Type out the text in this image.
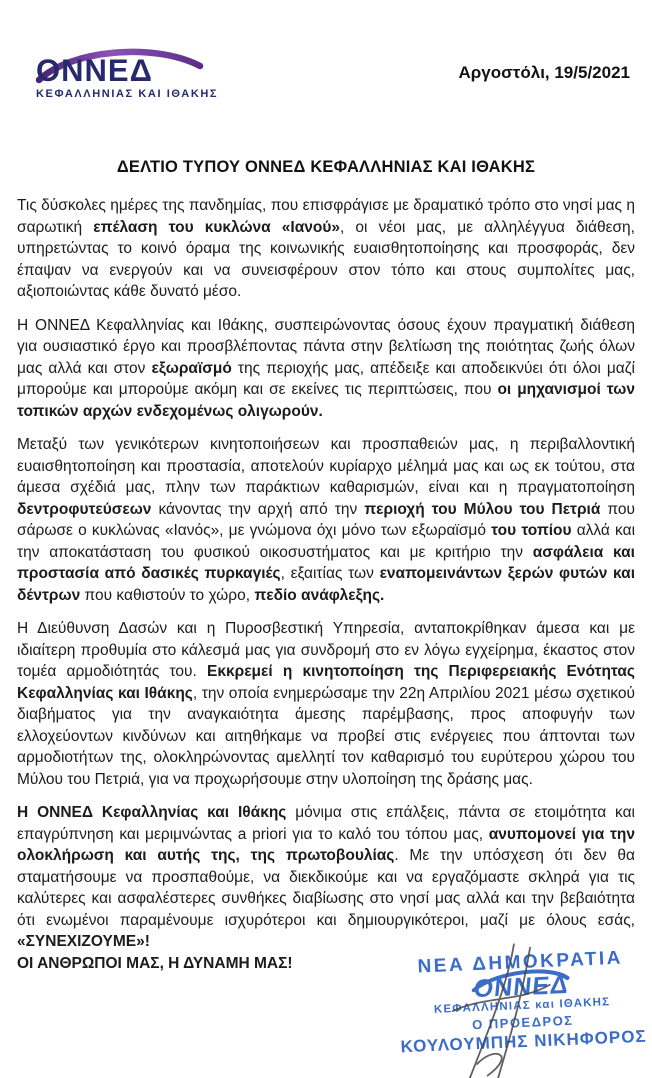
ΟΝΝΕΔ
ΚΕΦΑΛΛΗΝΙΑΣ ΚΑΙ ΙΘΑΚΗΣ
Αργοστόλι, 19/5/2021
ΔΕΛΤΙΟ ΤΥΠΟΥ ΟΝΝΕΔ ΚΕΦΑΛΛΗΝΙΑΣ ΚΑΙ ΙΘΑΚΗΣ

Τις δύσκολες ημέρες της πανδημίας, που επισφράγισε με δραματικό τρόπο στο νησί μας η σαρωτική επέλαση του κυκλώνα «Ιανού», οι νέοι μας, με αλληλέγγυα διάθεση, υπηρετώντας το κοινό όραμα της κοινωνικής ευαισθητοποίησης και προσφοράς, δεν έπαψαν να ενεργούν και να συνεισφέρουν στον τόπο και στους συμπολίτες μας, αξιοποιώντας κάθε δυνατό μέσο.

Η ΟΝΝΕΔ Κεφαλληνίας και Ιθάκης, συσπειρώνοντας όσους έχουν πραγματική διάθεση για ουσιαστικό έργο και προσβλέποντας πάντα στην βελτίωση της ποιότητας ζωής όλων μας αλλά και στον εξωραϊσμό της περιοχής μας, απέδειξε και αποδεικνύει ότι όλοι μαζί μπορούμε και μπορούμε ακόμη και σε εκείνες τις περιπτώσεις, που οι μηχανισμοί των τοπικών αρχών ενδεχομένως ολιγωρούν.

Μεταξύ των γενικότερων κινητοποιήσεων και προσπαθειών μας, η περιβαλλοντική ευαισθητοποίηση και προστασία, αποτελούν κυρίαρχο μέλημά μας και ως εκ τούτου, στα άμεσα σχέδιά μας, πλην των παράκτιων καθαρισμών, είναι και η πραγματοποίηση δεντροφυτεύσεων κάνοντας την αρχή από την περιοχή του Μύλου του Πετριά που σάρωσε ο κυκλώνας «Ιανός», με γνώμονα όχι μόνο των εξωραϊσμό του τοπίου αλλά και την αποκατάσταση του φυσικού οικοσυστήματος και με κριτήριο την ασφάλεια και προστασία από δασικές πυρκαγιές, εξαιτίας των εναπομεινάντων ξερών φυτών και δέντρων που καθιστούν το χώρο, πεδίο ανάφλεξης.

Η Διεύθυνση Δασών και η Πυροσβεστική Υπηρεσία, ανταποκρίθηκαν άμεσα και με ιδιαίτερη προθυμία στο κάλεσμά μας για συνδρομή στο εν λόγω εγχείρημα, έκαστος στον τομέα αρμοδιότητάς του. Εκκρεμεί η κινητοποίηση της Περιφερειακής Ενότητας Κεφαλληνίας και Ιθάκης, την οποία ενημερώσαμε την 22η Απριλίου 2021 μέσω σχετικού διαβήματος για την αναγκαιότητα άμεσης παρέμβασης, προς αποφυγήν των ελλοχεύοντων κινδύνων και αιτηθήκαμε να προβεί στις ενέργειες που άπτονται των αρμοδιοτήτων της, ολοκληρώνοντας αμελλητί τον καθαρισμό του ευρύτερου χώρου του Μύλου του Πετριά, για να προχωρήσουμε στην υλοποίηση της δράσης μας.

Η ΟΝΝΕΔ Κεφαλληνίας και Ιθάκης μόνιμα στις επάλξεις, πάντα σε ετοιμότητα και επαγρύπνηση και μεριμνώντας a priori για το καλό του τόπου μας, ανυπομονεί για την ολοκλήρωση και αυτής της, της πρωτοβουλίας. Με την υπόσχεση ότι δεν θα σταματήσουμε να προσπαθούμε, να διεκδικούμε και να εργαζόμαστε σκληρά για τις καλύτερες και ασφαλέστερες συνθήκες διαβίωσης στο νησί μας αλλά και την βεβαιότητα ότι ενωμένοι παραμένουμε ισχυρότεροι και δημιουργικότεροι, μαζί με όλους εσάς, «ΣΥΝΕΧΙΖΟΥΜΕ»!
ΟΙ ΑΝΘΡΩΠΟΙ ΜΑΣ, Η ΔΥΝΑΜΗ ΜΑΣ!	ΝΕΑ ΔΗΜΟΚΡΑΤΙΑ
ΟΝΝΕΔ
ΚΕΦΑΛΛΗΝΙΑΣ και ΙΘΑΚΗΣ
Ο ΠΡΟΕΔΡΟΣ
ΚΟΥΛΟΥΜΠΗΣ ΝΙΚΗΦΟΡΟΣ
